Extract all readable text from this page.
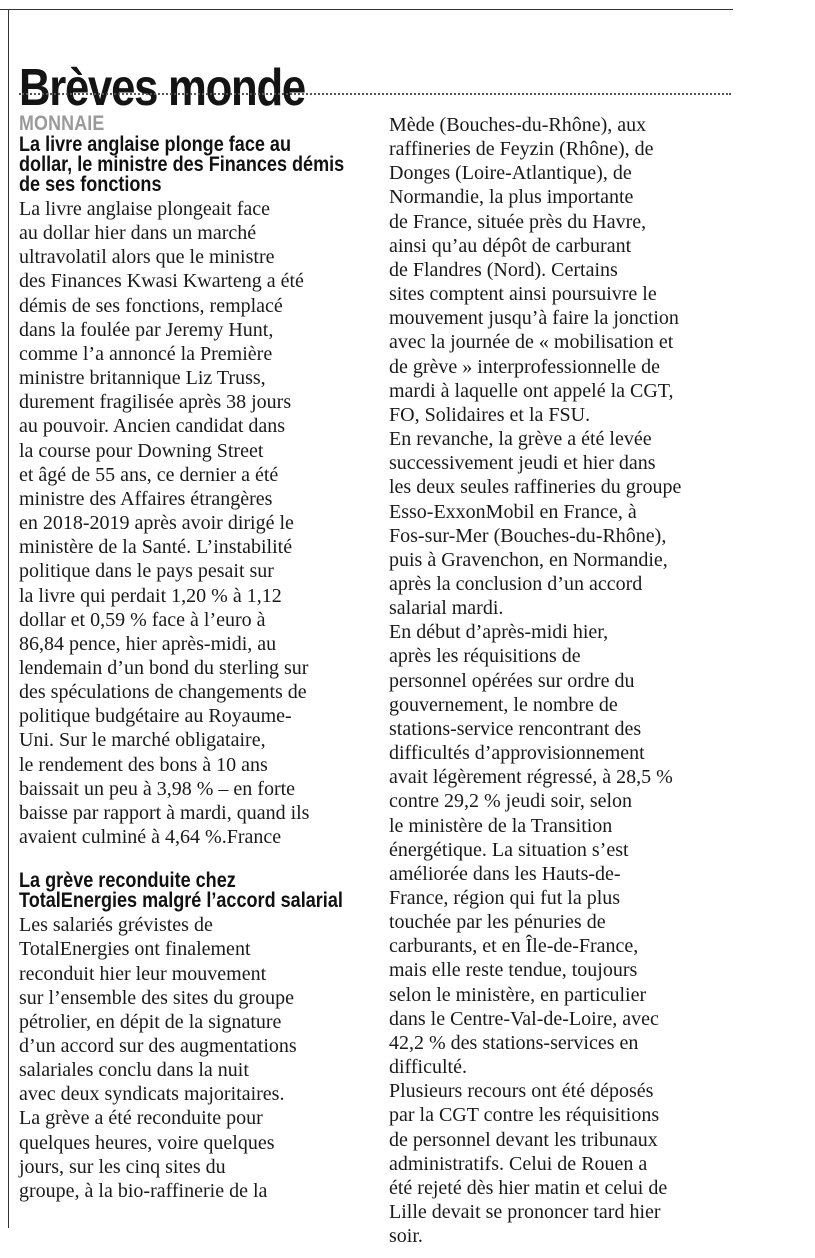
Brèves monde
MONNAIE
La livre anglaise plonge face au dollar, le ministre des Finances démis de ses fonctions
La livre anglaise plongeait face
au dollar hier dans un marché
ultravolatil alors que le ministre
des Finances Kwasi Kwarteng a été
démis de ses fonctions, remplacé
dans la foulée par Jeremy Hunt,
comme l’a annoncé la Première
ministre britannique Liz Truss,
durement fragilisée après 38 jours
au pouvoir. Ancien candidat dans
la course pour Downing Street
et âgé de 55 ans, ce dernier a été
ministre des Affaires étrangères
en 2018-2019 après avoir dirigé le
ministère de la Santé. L’instabilité
politique dans le pays pesait sur
la livre qui perdait 1,20 % à 1,12
dollar et 0,59 % face à l’euro à
86,84 pence, hier après-midi, au
lendemain d’un bond du sterling sur
des spéculations de changements de
politique budgétaire au Royaume-
Uni. Sur le marché obligataire,
le rendement des bons à 10 ans
baissait un peu à 3,98 % – en forte
baisse par rapport à mardi, quand ils
avaient culminé à 4,64 %.France
La grève reconduite chez TotalEnergies malgré l’accord salarial
Les salariés grévistes de
TotalEnergies ont finalement
reconduit hier leur mouvement
sur l’ensemble des sites du groupe
pétrolier, en dépit de la signature
d’un accord sur des augmentations
salariales conclu dans la nuit
avec deux syndicats majoritaires.
La grève a été reconduite pour
quelques heures, voire quelques
jours, sur les cinq sites du
groupe, à la bio-raffinerie de la
Mède (Bouches-du-Rhône), aux
raffineries de Feyzin (Rhône), de
Donges (Loire-Atlantique), de
Normandie, la plus importante
de France, située près du Havre,
ainsi qu’au dépôt de carburant
de Flandres (Nord). Certains
sites comptent ainsi poursuivre le
mouvement jusqu’à faire la jonction
avec la journée de « mobilisation et
de grève » interprofessionnelle de
mardi à laquelle ont appelé la CGT,
FO, Solidaires et la FSU.
En revanche, la grève a été levée
successivement jeudi et hier dans
les deux seules raffineries du groupe
Esso-ExxonMobil en France, à
Fos-sur-Mer (Bouches-du-Rhône),
puis à Gravenchon, en Normandie,
après la conclusion d’un accord
salarial mardi.
En début d’après-midi hier,
après les réquisitions de
personnel opérées sur ordre du
gouvernement, le nombre de
stations-service rencontrant des
difficultés d’approvisionnement
avait légèrement régressé, à 28,5 %
contre 29,2 % jeudi soir, selon
le ministère de la Transition
énergétique. La situation s’est
améliorée dans les Hauts-de-
France, région qui fut la plus
touchée par les pénuries de
carburants, et en Île-de-France,
mais elle reste tendue, toujours
selon le ministère, en particulier
dans le Centre-Val-de-Loire, avec
42,2 % des stations-services en
difficulté.
Plusieurs recours ont été déposés
par la CGT contre les réquisitions
de personnel devant les tribunaux
administratifs. Celui de Rouen a
été rejeté dès hier matin et celui de
Lille devait se prononcer tard hier
soir.
